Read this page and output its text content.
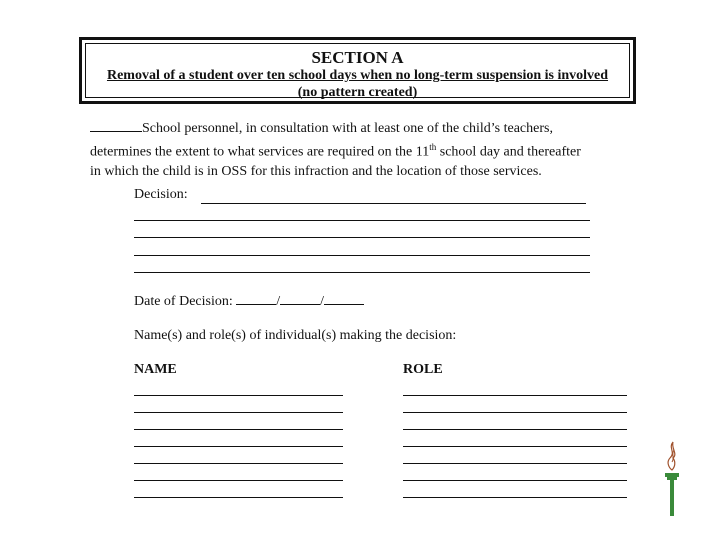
SECTION A
Removal of a student over ten school days when no long-term suspension is involved
(no pattern created)
School personnel, in consultation with at least one of the child’s teachers,
determines the extent to what services are required on the 11th school day and thereafter
in which the child is in OSS for this infraction and the location of those services.
Decision:
Date of Decision:	/	/
Name(s) and role(s) of individual(s) making the decision:
NAME	ROLE
